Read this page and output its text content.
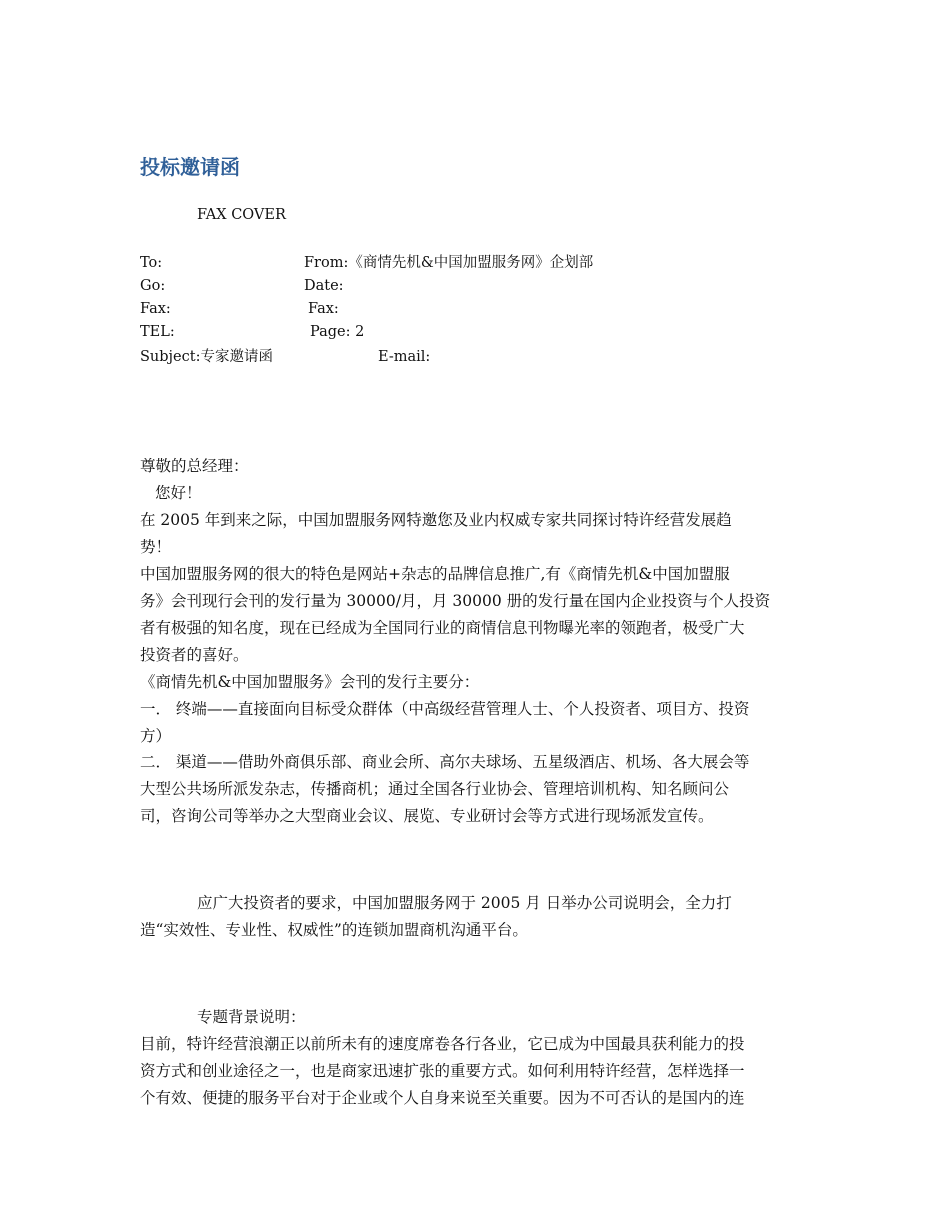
投标邀请函
FAX COVER
To:	From:《商情先机&中国加盟服务网》企划部
Go:	Date:
Fax:	Fax:
TEL:	Page: 2
Subject:专家邀请函	E-mail:
尊敬的总经理：
您好！
在 2005 年到来之际，中国加盟服务网特邀您及业内权威专家共同探讨特许经营发展趋
势！
中国加盟服务网的很大的特色是网站+杂志的品牌信息推广,有《商情先机&中国加盟服
务》会刊现行会刊的发行量为 30000/月，月 30000 册的发行量在国内企业投资与个人投资
者有极强的知名度，现在已经成为全国同行业的商情信息刊物曝光率的领跑者，极受广大
投资者的喜好。
《商情先机&中国加盟服务》会刊的发行主要分：
一． 终端——直接面向目标受众群体（中高级经营管理人士、个人投资者、项目方、投资
方）
二． 渠道——借助外商俱乐部、商业会所、高尔夫球场、五星级酒店、机场、各大展会等
大型公共场所派发杂志，传播商机；通过全国各行业协会、管理培训机构、知名顾问公
司，咨询公司等举办之大型商业会议、展览、专业研讨会等方式进行现场派发宣传。
应广大投资者的要求，中国加盟服务网于 2005 月 日举办公司说明会，全力打
造“实效性、专业性、权威性”的连锁加盟商机沟通平台。
专题背景说明：
目前，特许经营浪潮正以前所未有的速度席卷各行各业，它已成为中国最具获利能力的投
资方式和创业途径之一，也是商家迅速扩张的重要方式。如何利用特许经营，怎样选择一
个有效、便捷的服务平台对于企业或个人自身来说至关重要。因为不可否认的是国内的连
